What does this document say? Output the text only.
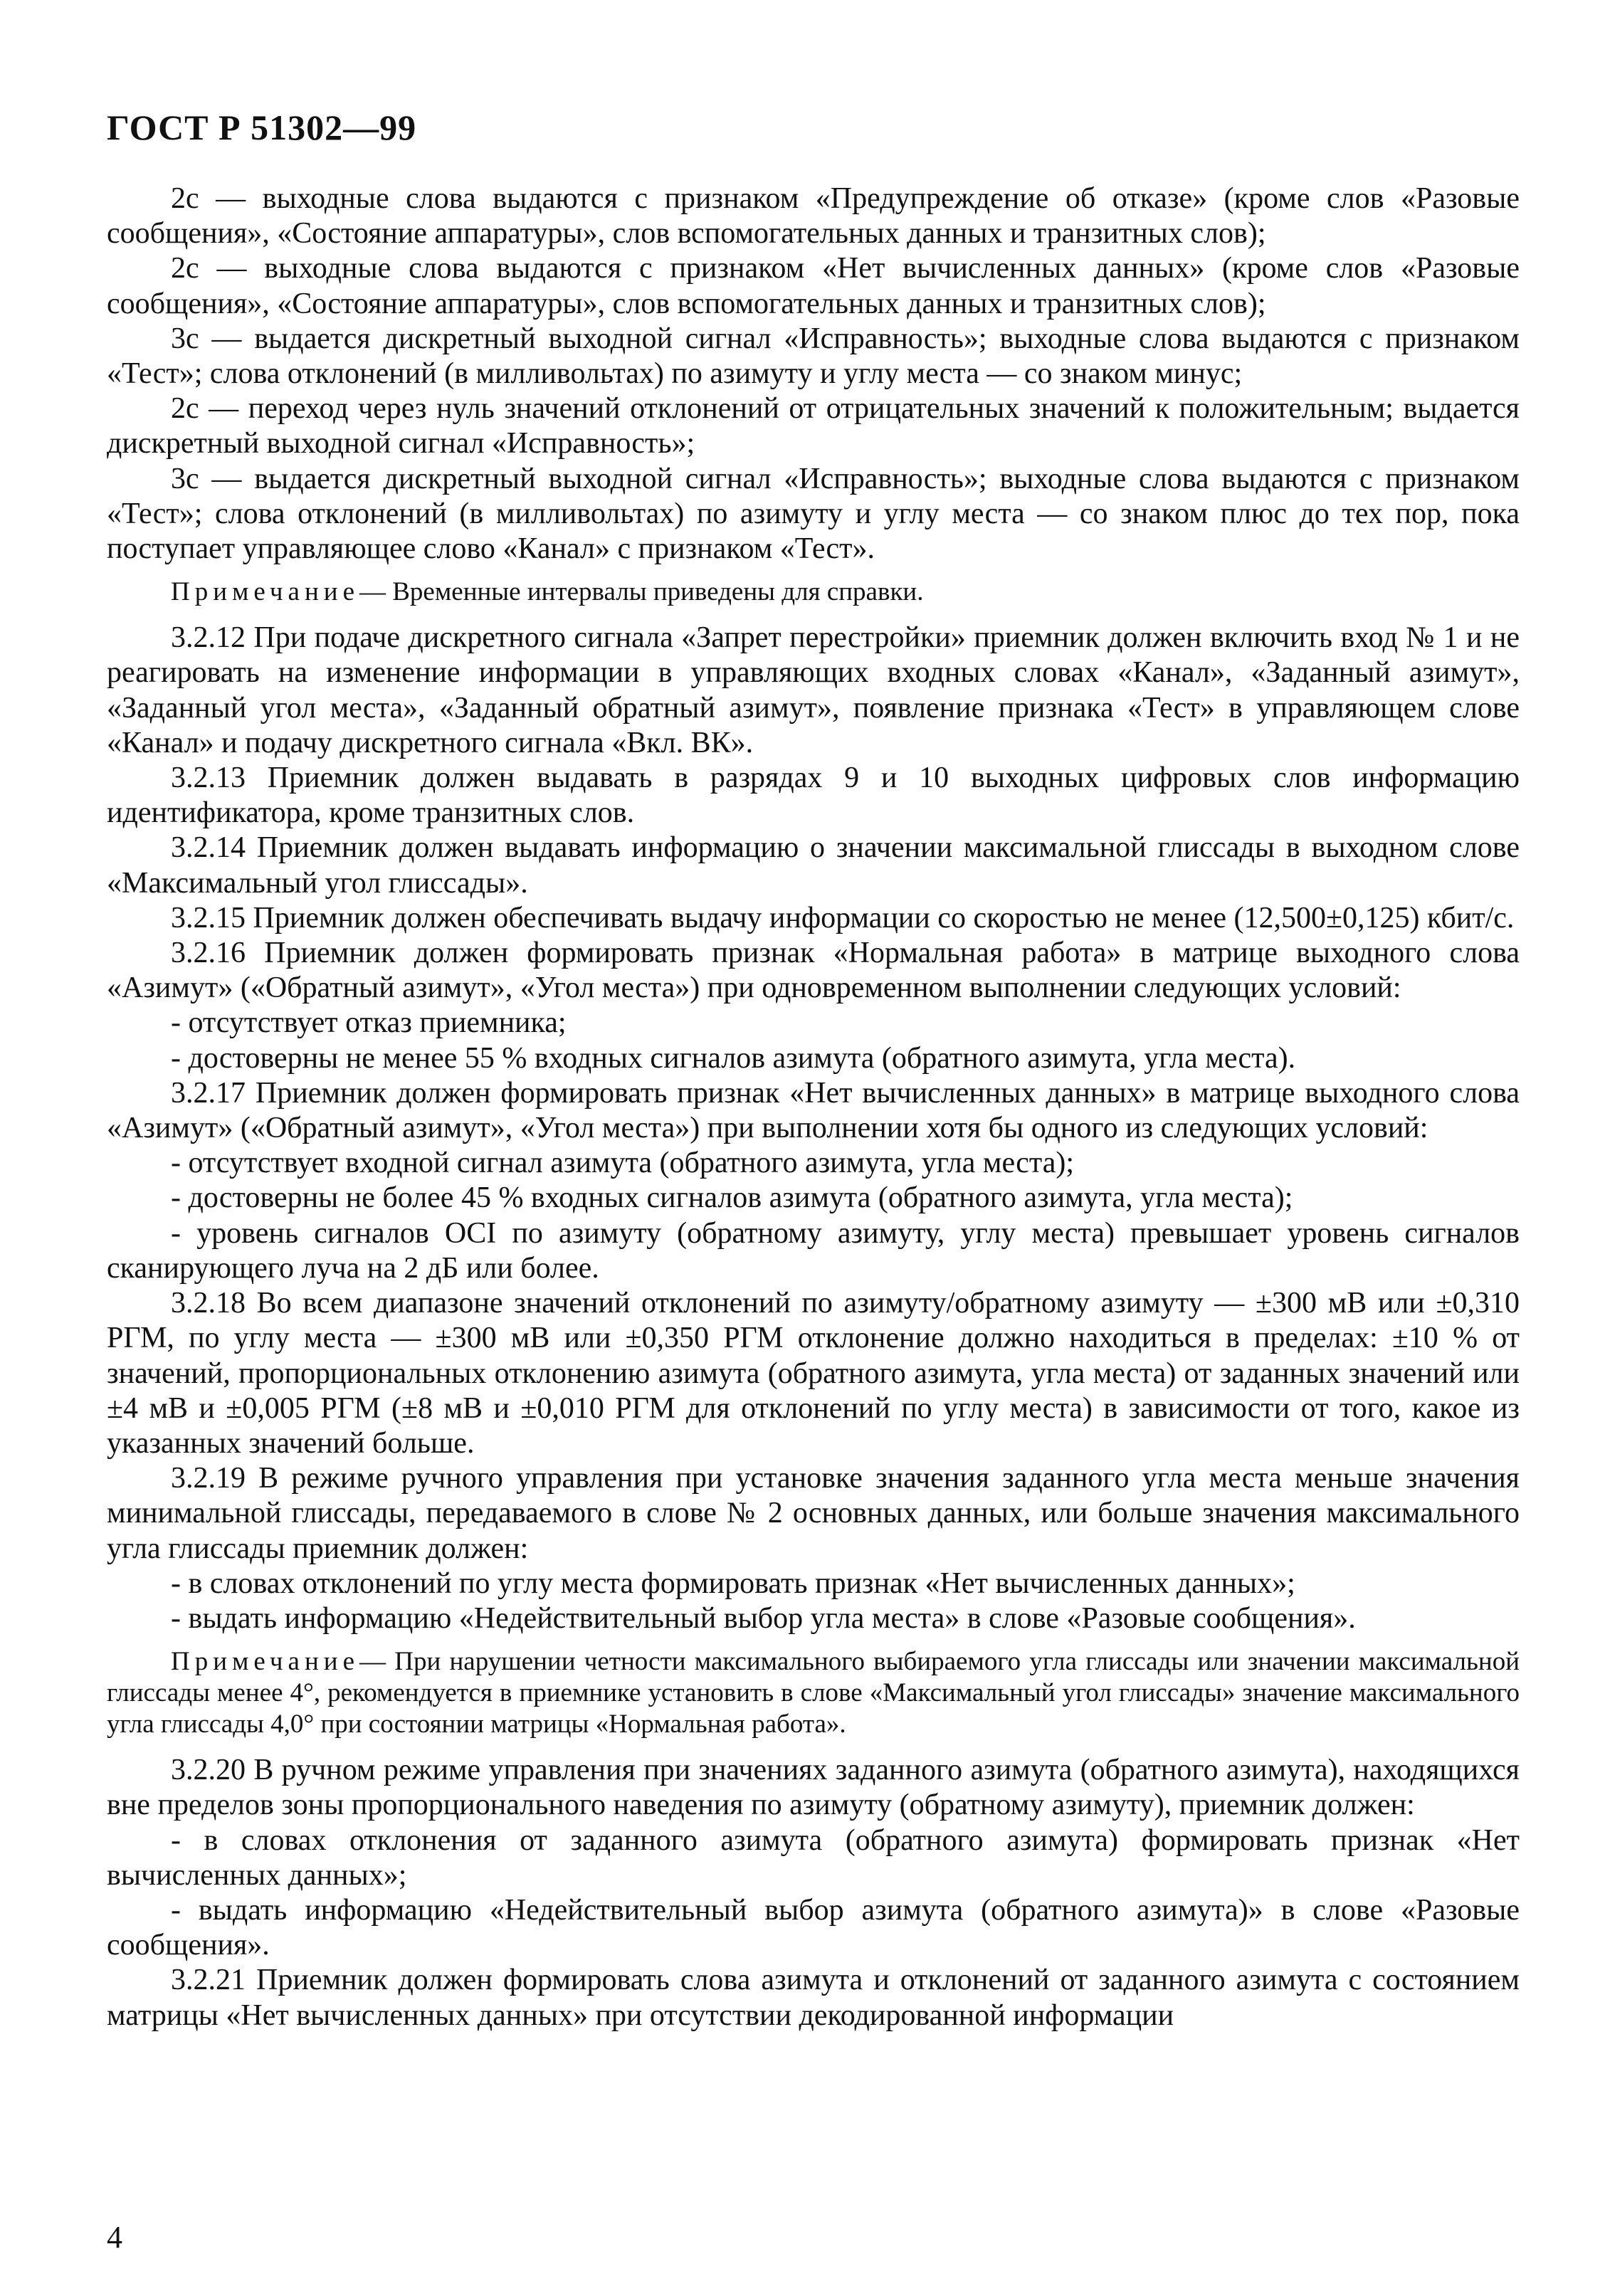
ГОСТ Р 51302—99

2с — выходные слова выдаются с признаком «Предупреждение об отказе» (кроме слов «Разовые сообщения», «Состояние аппаратуры», слов вспомогательных данных и транзитных слов);

2с — выходные слова выдаются с признаком «Нет вычисленных данных» (кроме слов «Разовые сообщения», «Состояние аппаратуры», слов вспомогательных данных и транзитных слов);

3с — выдается дискретный выходной сигнал «Исправность»; выходные слова выдаются с признаком «Тест»; слова отклонений (в милливольтах) по азимуту и углу места — со знаком минус;

2с — переход через нуль значений отклонений от отрицательных значений к положительным; выдается дискретный выходной сигнал «Исправность»;

3с — выдается дискретный выходной сигнал «Исправность»; выходные слова выдаются с признаком «Тест»; слова отклонений (в милливольтах) по азимуту и углу места — со знаком плюс до тех пор, пока поступает управляющее слово «Канал» с признаком «Тест».

Примечание— Временные интервалы приведены для справки.

3.2.12 При подаче дискретного сигнала «Запрет перестройки» приемник должен включить вход № 1 и не реагировать на изменение информации в управляющих входных словах «Канал», «Заданный азимут», «Заданный угол места», «Заданный обратный азимут», появление признака «Тест» в управляющем слове «Канал» и подачу дискретного сигнала «Вкл. ВК».

3.2.13 Приемник должен выдавать в разрядах 9 и 10 выходных цифровых слов информацию идентификатора, кроме транзитных слов.

3.2.14 Приемник должен выдавать информацию о значении максимальной глиссады в выходном слове «Максимальный угол глиссады».

3.2.15 Приемник должен обеспечивать выдачу информации со скоростью не менее (12,500±0,125) кбит/с.

3.2.16 Приемник должен формировать признак «Нормальная работа» в матрице выходного слова «Азимут» («Обратный азимут», «Угол места») при одновременном выполнении следующих условий:

- отсутствует отказ приемника;

- достоверны не менее 55 % входных сигналов азимута (обратного азимута, угла места).

3.2.17 Приемник должен формировать признак «Нет вычисленных данных» в матрице выходного слова «Азимут» («Обратный азимут», «Угол места») при выполнении хотя бы одного из следующих условий:

- отсутствует входной сигнал азимута (обратного азимута, угла места);

- достоверны не более 45 % входных сигналов азимута (обратного азимута, угла места);

- уровень сигналов OCI по азимуту (обратному азимуту, углу места) превышает уровень сигналов сканирующего луча на 2 дБ или более.

3.2.18 Во всем диапазоне значений отклонений по азимуту/обратному азимуту — ±300 мВ или ±0,310 РГМ, по углу места — ±300 мВ или ±0,350 РГМ отклонение должно находиться в пределах: ±10 % от значений, пропорциональных отклонению азимута (обратного азимута, угла места) от заданных значений или ±4 мВ и ±0,005 РГМ (±8 мВ и ±0,010 РГМ для отклонений по углу места) в зависимости от того, какое из указанных значений больше.

3.2.19 В режиме ручного управления при установке значения заданного угла места меньше значения минимальной глиссады, передаваемого в слове № 2 основных данных, или больше значения максимального угла глиссады приемник должен:

- в словах отклонений по углу места формировать признак «Нет вычисленных данных»;

- выдать информацию «Недействительный выбор угла места» в слове «Разовые сообщения».

Примечание— При нарушении четности максимального выбираемого угла глиссады или значении максимальной глиссады менее 4°, рекомендуется в приемнике установить в слове «Максимальный угол глиссады» значение максимального угла глиссады 4,0° при состоянии матрицы «Нормальная работа».

3.2.20 В ручном режиме управления при значениях заданного азимута (обратного азимута), находящихся вне пределов зоны пропорционального наведения по азимуту (обратному азимуту), приемник должен:

- в словах отклонения от заданного азимута (обратного азимута) формировать признак «Нет вычисленных данных»;

- выдать информацию «Недействительный выбор азимута (обратного азимута)» в слове «Разовые сообщения».

3.2.21 Приемник должен формировать слова азимута и отклонений от заданного азимута с состоянием матрицы «Нет вычисленных данных» при отсутствии декодированной информации

4
